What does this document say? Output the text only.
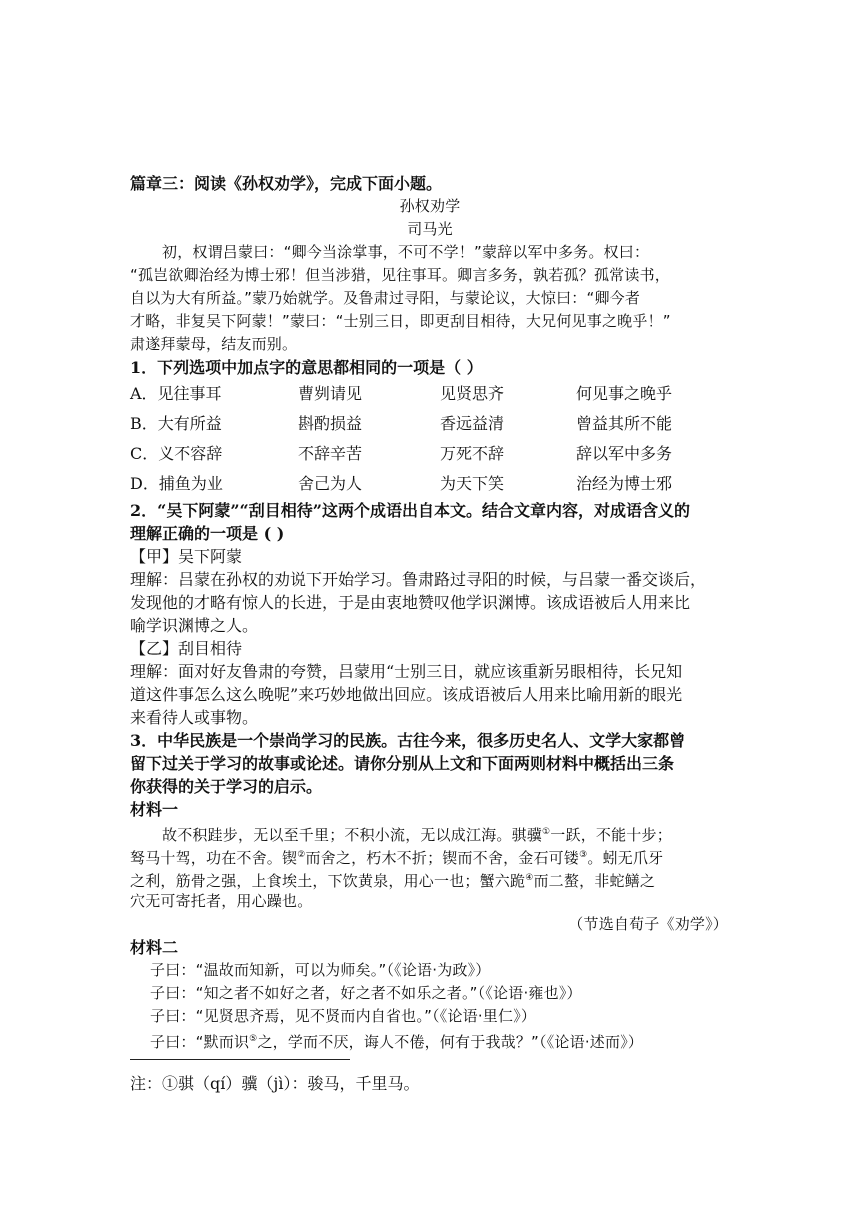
篇章三：阅读《孙权劝学》，完成下面小题。
孙权劝学
司马光
初，权谓吕蒙曰：“卿今当涂掌事，不可不学！”蒙辞以军中多务。权曰：
“孤岂欲卿治经为博士邪！但当涉猎，见往事耳。卿言多务，孰若孤？孤常读书，
自以为大有所益。”蒙乃始就学。及鲁肃过寻阳，与蒙论议，大惊曰：“卿今者
才略，非复吴下阿蒙！”蒙曰：“士别三日，即更刮目相待，大兄何见事之晚乎！”
肃遂拜蒙母，结友而别。
1．下列选项中加点字的意思都相同的一项是（ ）
A．见往事耳	曹刿请见	见贤思齐	何见事之晚乎
B．大有所益	斟酌损益	香远益清	曾益其所不能
C．义不容辞	不辞辛苦	万死不辞	辞以军中多务
D．捕鱼为业	舍己为人	为天下笑	治经为博士邪
2．“吴下阿蒙”“刮目相待”这两个成语出自本文。结合文章内容，对成语含义的
理解正确的一项是 ( )
【甲】吴下阿蒙
理解：吕蒙在孙权的劝说下开始学习。鲁肃路过寻阳的时候，与吕蒙一番交谈后，
发现他的才略有惊人的长进，于是由衷地赞叹他学识渊博。该成语被后人用来比
喻学识渊博之人。
【乙】刮目相待
理解：面对好友鲁肃的夸赞，吕蒙用“士别三日，就应该重新另眼相待，长兄知
道这件事怎么这么晚呢”来巧妙地做出回应。该成语被后人用来比喻用新的眼光
来看待人或事物。
3．中华民族是一个崇尚学习的民族。古往今来，很多历史名人、文学大家都曾
留下过关于学习的故事或论述。请你分别从上文和下面两则材料中概括出三条
你获得的关于学习的启示。
材料一
故不积跬步，无以至千里；不积小流，无以成江海。骐骥①一跃，不能十步；
驽马十驾，功在不舍。锲②而舍之，朽木不折；锲而不舍，金石可镂③。蚓无爪牙
之利，筋骨之强，上食埃土，下饮黄泉，用心一也；蟹六跪④而二螯，非蛇鳝之
穴无可寄托者，用心躁也。
（节选自荀子《劝学》）
材料二
子曰：“温故而知新，可以为师矣。”（《论语·为政》）
子曰：“知之者不如好之者，好之者不如乐之者。”（《论语·雍也》）
子曰：“见贤思齐焉，见不贤而内自省也。”（《论语·里仁》）
子曰：“默而识⑤之，学而不厌，诲人不倦，何有于我哉？”（《论语·述而》）
注：①骐（qí）骥（jì）：骏马，千里马。
